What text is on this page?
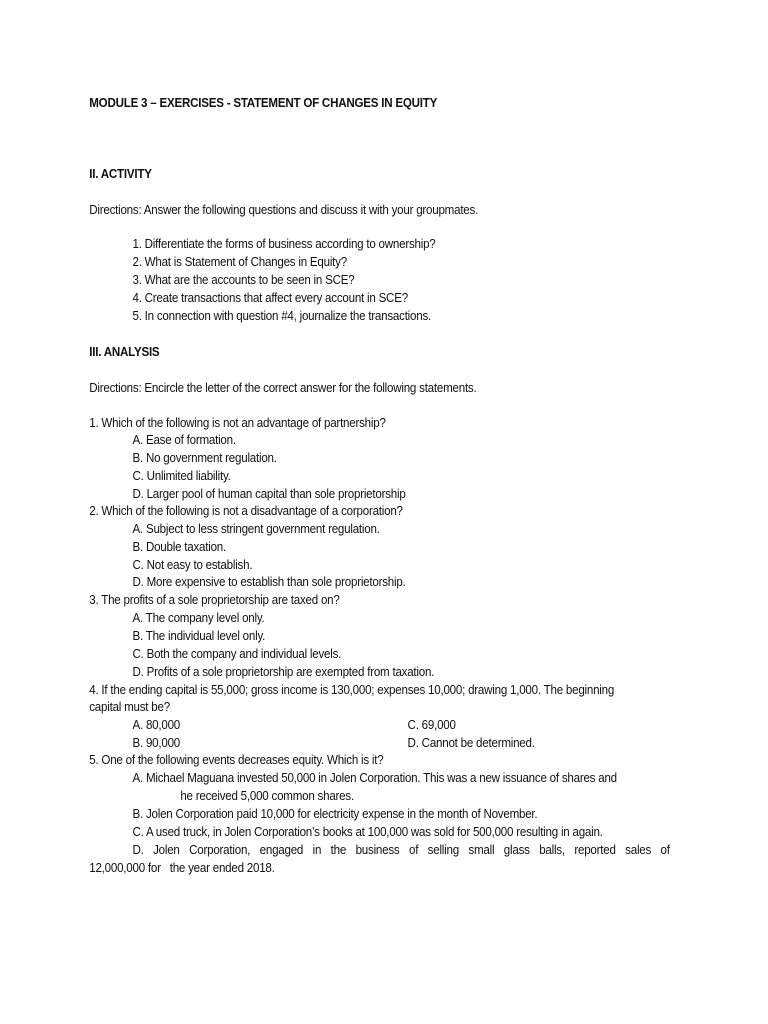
MODULE 3 – EXERCISES - STATEMENT OF CHANGES IN EQUITY
II. ACTIVITY
Directions: Answer the following questions and discuss it with your groupmates.
1. Differentiate the forms of business according to ownership?
2. What is Statement of Changes in Equity?
3. What are the accounts to be seen in SCE?
4. Create transactions that affect every account in SCE?
5. In connection with question #4, journalize the transactions.
III. ANALYSIS
Directions: Encircle the letter of the correct answer for the following statements.
1. Which of the following is not an advantage of partnership?
A. Ease of formation.
B. No government regulation.
C. Unlimited liability.
D. Larger pool of human capital than sole proprietorship
2. Which of the following is not a disadvantage of a corporation?
A. Subject to less stringent government regulation.
B. Double taxation.
C. Not easy to establish.
D. More expensive to establish than sole proprietorship.
3. The profits of a sole proprietorship are taxed on?
A. The company level only.
B. The individual level only.
C. Both the company and individual levels.
D. Profits of a sole proprietorship are exempted from taxation.
4. If the ending capital is 55,000; gross income is 130,000; expenses 10,000; drawing 1,000. The beginning
capital must be?
A. 80,000	C. 69,000
B. 90,000	D. Cannot be determined.
5. One of the following events decreases equity. Which is it?
A. Michael Maguana invested 50,000 in Jolen Corporation. This was a new issuance of shares and
he received 5,000 common shares.
B. Jolen Corporation paid 10,000 for electricity expense in the month of November.
C. A used truck, in Jolen Corporation’s books at 100,000 was sold for 500,000 resulting in again.
D. Jolen Corporation, engaged in the business of selling small glass balls, reported sales of
12,000,000 for   the year ended 2018.
